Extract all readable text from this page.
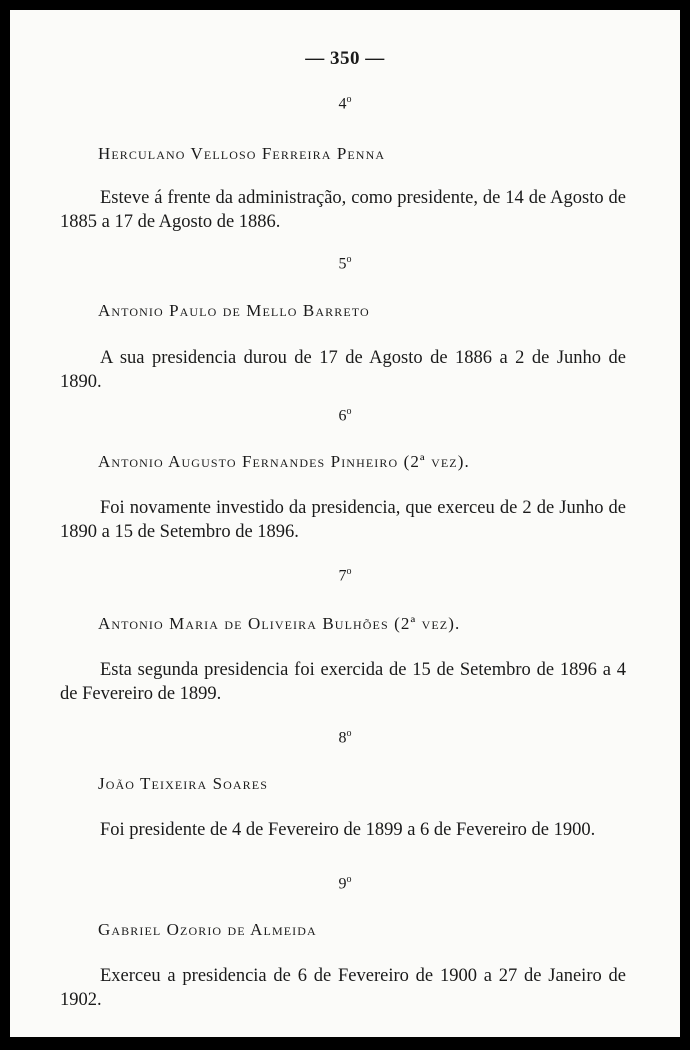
— 350 —
4$^o$
Herculano Velloso Ferreira Penna
Esteve á frente da administração, como presidente, de 14 de Agosto de 1885 a 17 de Agosto de 1886.
5$^o$
Antonio Paulo de Mello Barreto
A sua presidencia durou de 17 de Agosto de 1886 a 2 de Junho de 1890.
6$^o$
Antonio Augusto Fernandes Pinheiro (2ª vez).
Foi novamente investido da presidencia, que exerceu de 2 de Junho de 1890 a 15 de Setembro de 1896.
7$^o$
Antonio Maria de Oliveira Bulhões (2ª vez).
Esta segunda presidencia foi exercida de 15 de Setembro de 1896 a 4 de Fevereiro de 1899.
8$^o$
João Teixeira Soares
Foi presidente de 4 de Fevereiro de 1899 a 6 de Fevereiro de 1900.
9$^o$
Gabriel Ozorio de Almeida
Exerceu a presidencia de 6 de Fevereiro de 1900 a 27 de Janeiro de 1902.
